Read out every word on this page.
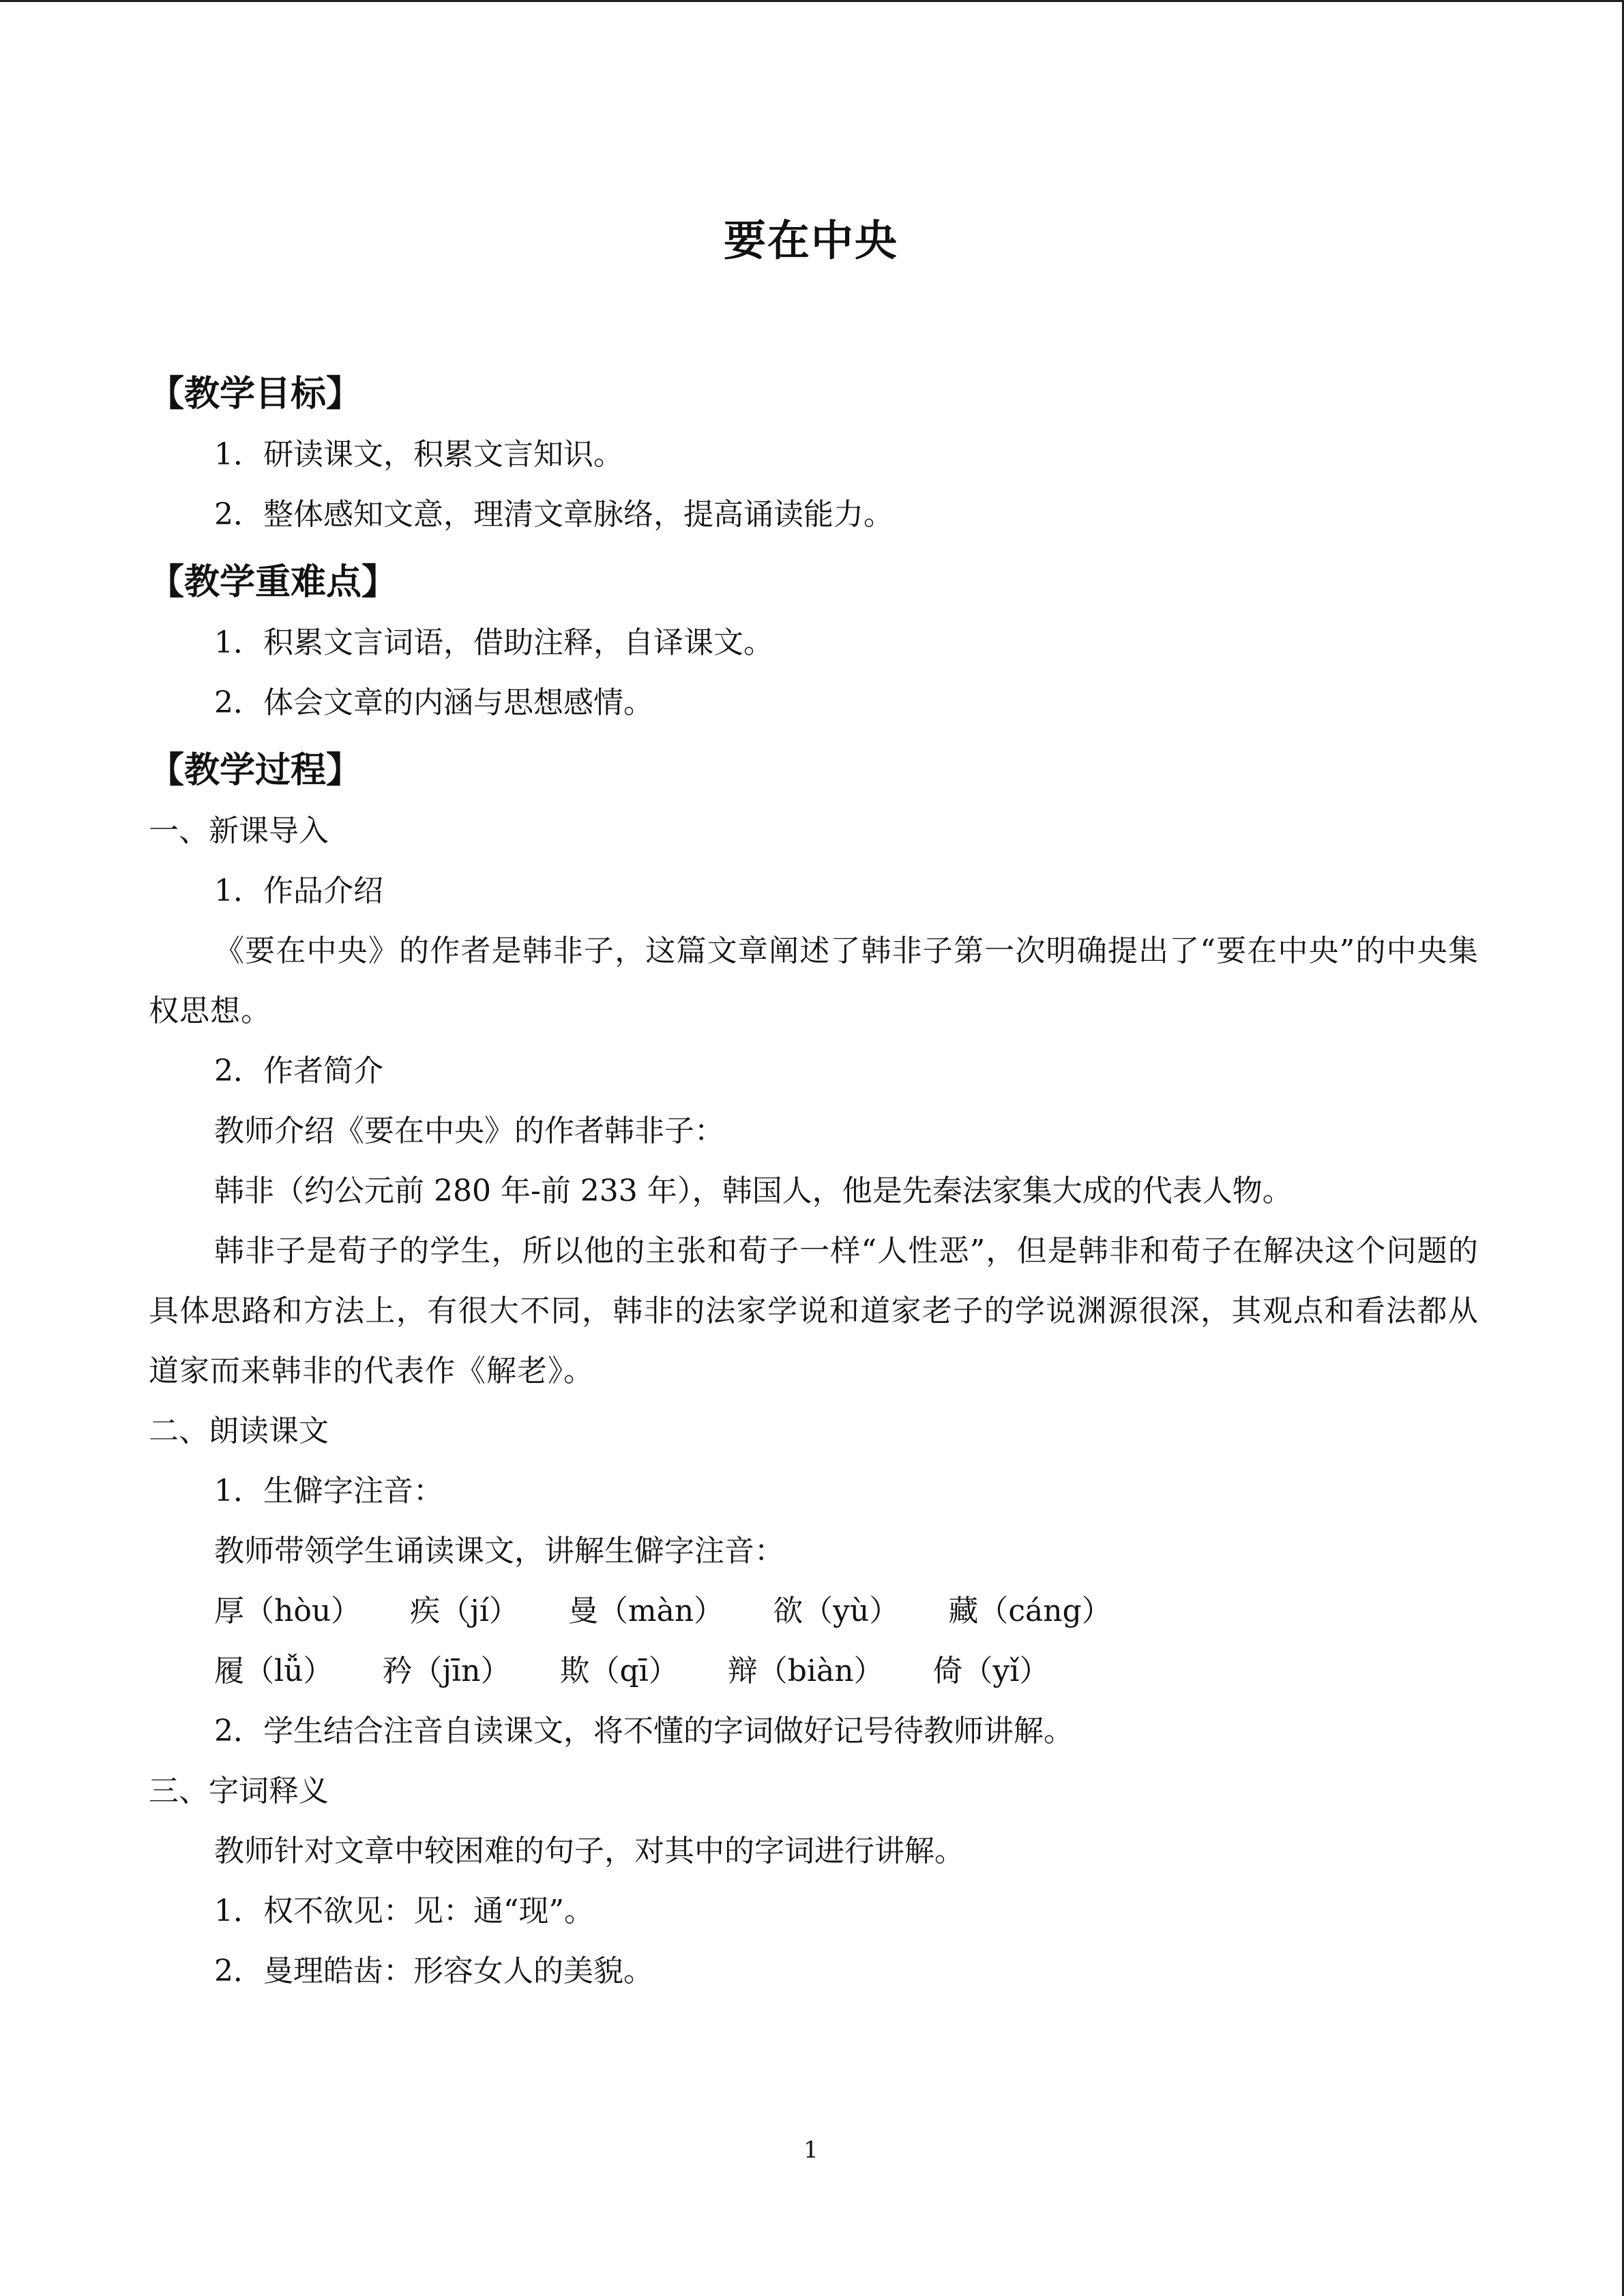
要在中央
【教学目标】
1．研读课文，积累文言知识。
2．整体感知文意，理清文章脉络，提高诵读能力。
【教学重难点】
1．积累文言词语，借助注释，自译课文。
2．体会文章的内涵与思想感情。
【教学过程】
一、新课导入
1．作品介绍
《要在中央》的作者是韩非子，这篇文章阐述了韩非子第一次明确提出了“要在中央”的中央集权思想。
2．作者简介
教师介绍《要在中央》的作者韩非子：
韩非（约公元前 280 年-前 233 年），韩国人，他是先秦法家集大成的代表人物。
韩非子是荀子的学生，所以他的主张和荀子一样“人性恶”，但是韩非和荀子在解决这个问题的具体思路和方法上，有很大不同，韩非的法家学说和道家老子的学说渊源很深，其观点和看法都从道家而来韩非的代表作《解老》。
二、朗读课文
1．生僻字注音：
教师带领学生诵读课文，讲解生僻字注音：
厚（hòu） 疾（jí） 曼（màn） 欲（yù） 藏（cáng）
履（lǚ） 矜（jīn） 欺（qī） 辩（biàn） 倚（yǐ）
2．学生结合注音自读课文，将不懂的字词做好记号待教师讲解。
三、字词释义
教师针对文章中较困难的句子，对其中的字词进行讲解。
1．权不欲见：见：通“现”。
2．曼理皓齿：形容女人的美貌。
1
